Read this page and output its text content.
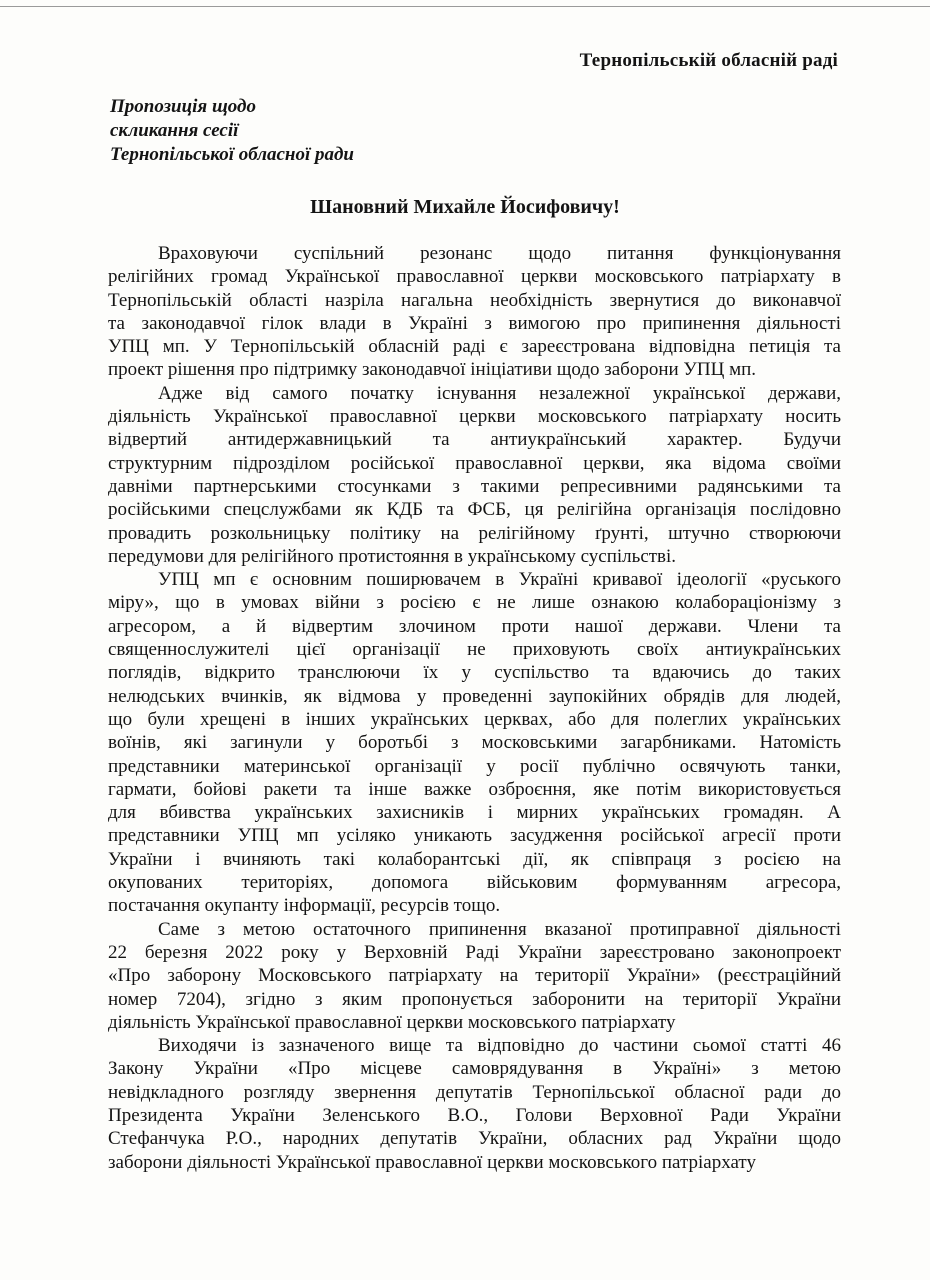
Тернопільській обласній раді
Пропозиція щодо
скликання сесії
Тернопільської обласної ради
Шановний Михайле Йосифовичу!
Враховуючи суспільний резонанс щодо питання функціонування
релігійних громад Української православної церкви московського патріархату в
Тернопільській області назріла нагальна необхідність звернутися до виконавчої
та законодавчої гілок влади в Україні з вимогою про припинення діяльності
УПЦ мп. У Тернопільській обласній раді є зареєстрована відповідна петиція та
проект рішення про підтримку законодавчої ініціативи щодо заборони УПЦ мп.
Адже від самого початку існування незалежної української держави,
діяльність Української православної церкви московського патріархату носить
відвертий антидержавницький та антиукраїнський характер. Будучи
структурним підрозділом російської православної церкви, яка відома своїми
давніми партнерськими стосунками з такими репресивними радянськими та
російськими спецслужбами як КДБ та ФСБ, ця релігійна організація послідовно
провадить розкольницьку політику на релігійному ґрунті, штучно створюючи
передумови для релігійного протистояння в українському суспільстві.
УПЦ мп є основним поширювачем в Україні кривавої ідеології «руського
міру», що в умовах війни з росією є не лише ознакою колабораціонізму з
агресором, а й відвертим злочином проти нашої держави. Члени та
священнослужителі цієї організації не приховують своїх антиукраїнських
поглядів, відкрито транслюючи їх у суспільство та вдаючись до таких
нелюдських вчинків, як відмова у проведенні заупокійних обрядів для людей,
що були хрещені в інших українських церквах, або для полеглих українських
воїнів, які загинули у боротьбі з московськими загарбниками. Натомість
представники материнської організації у росії публічно освячують танки,
гармати, бойові ракети та інше важке озброєння, яке потім використовується
для вбивства українських захисників і мирних українських громадян. А
представники УПЦ мп усіляко уникають засудження російської агресії проти
України і вчиняють такі колаборантські дії, як співпраця з росією на
окупованих територіях, допомога військовим формуванням агресора,
постачання окупанту інформації, ресурсів тощо.
Саме з метою остаточного припинення вказаної протиправної діяльності
22 березня 2022 року у Верховній Раді України зареєстровано законопроект
«Про заборону Московського патріархату на території України» (реєстраційний
номер 7204), згідно з яким пропонується заборонити на території України
діяльність Української православної церкви московського патріархату
Виходячи із зазначеного вище та відповідно до частини сьомої статті 46
Закону України «Про місцеве самоврядування в Україні» з метою
невідкладного розгляду звернення депутатів Тернопільської обласної ради до
Президента України Зеленського В.О., Голови Верховної Ради України
Стефанчука Р.О., народних депутатів України, обласних рад України щодо
заборони діяльності Української православної церкви московського патріархату
